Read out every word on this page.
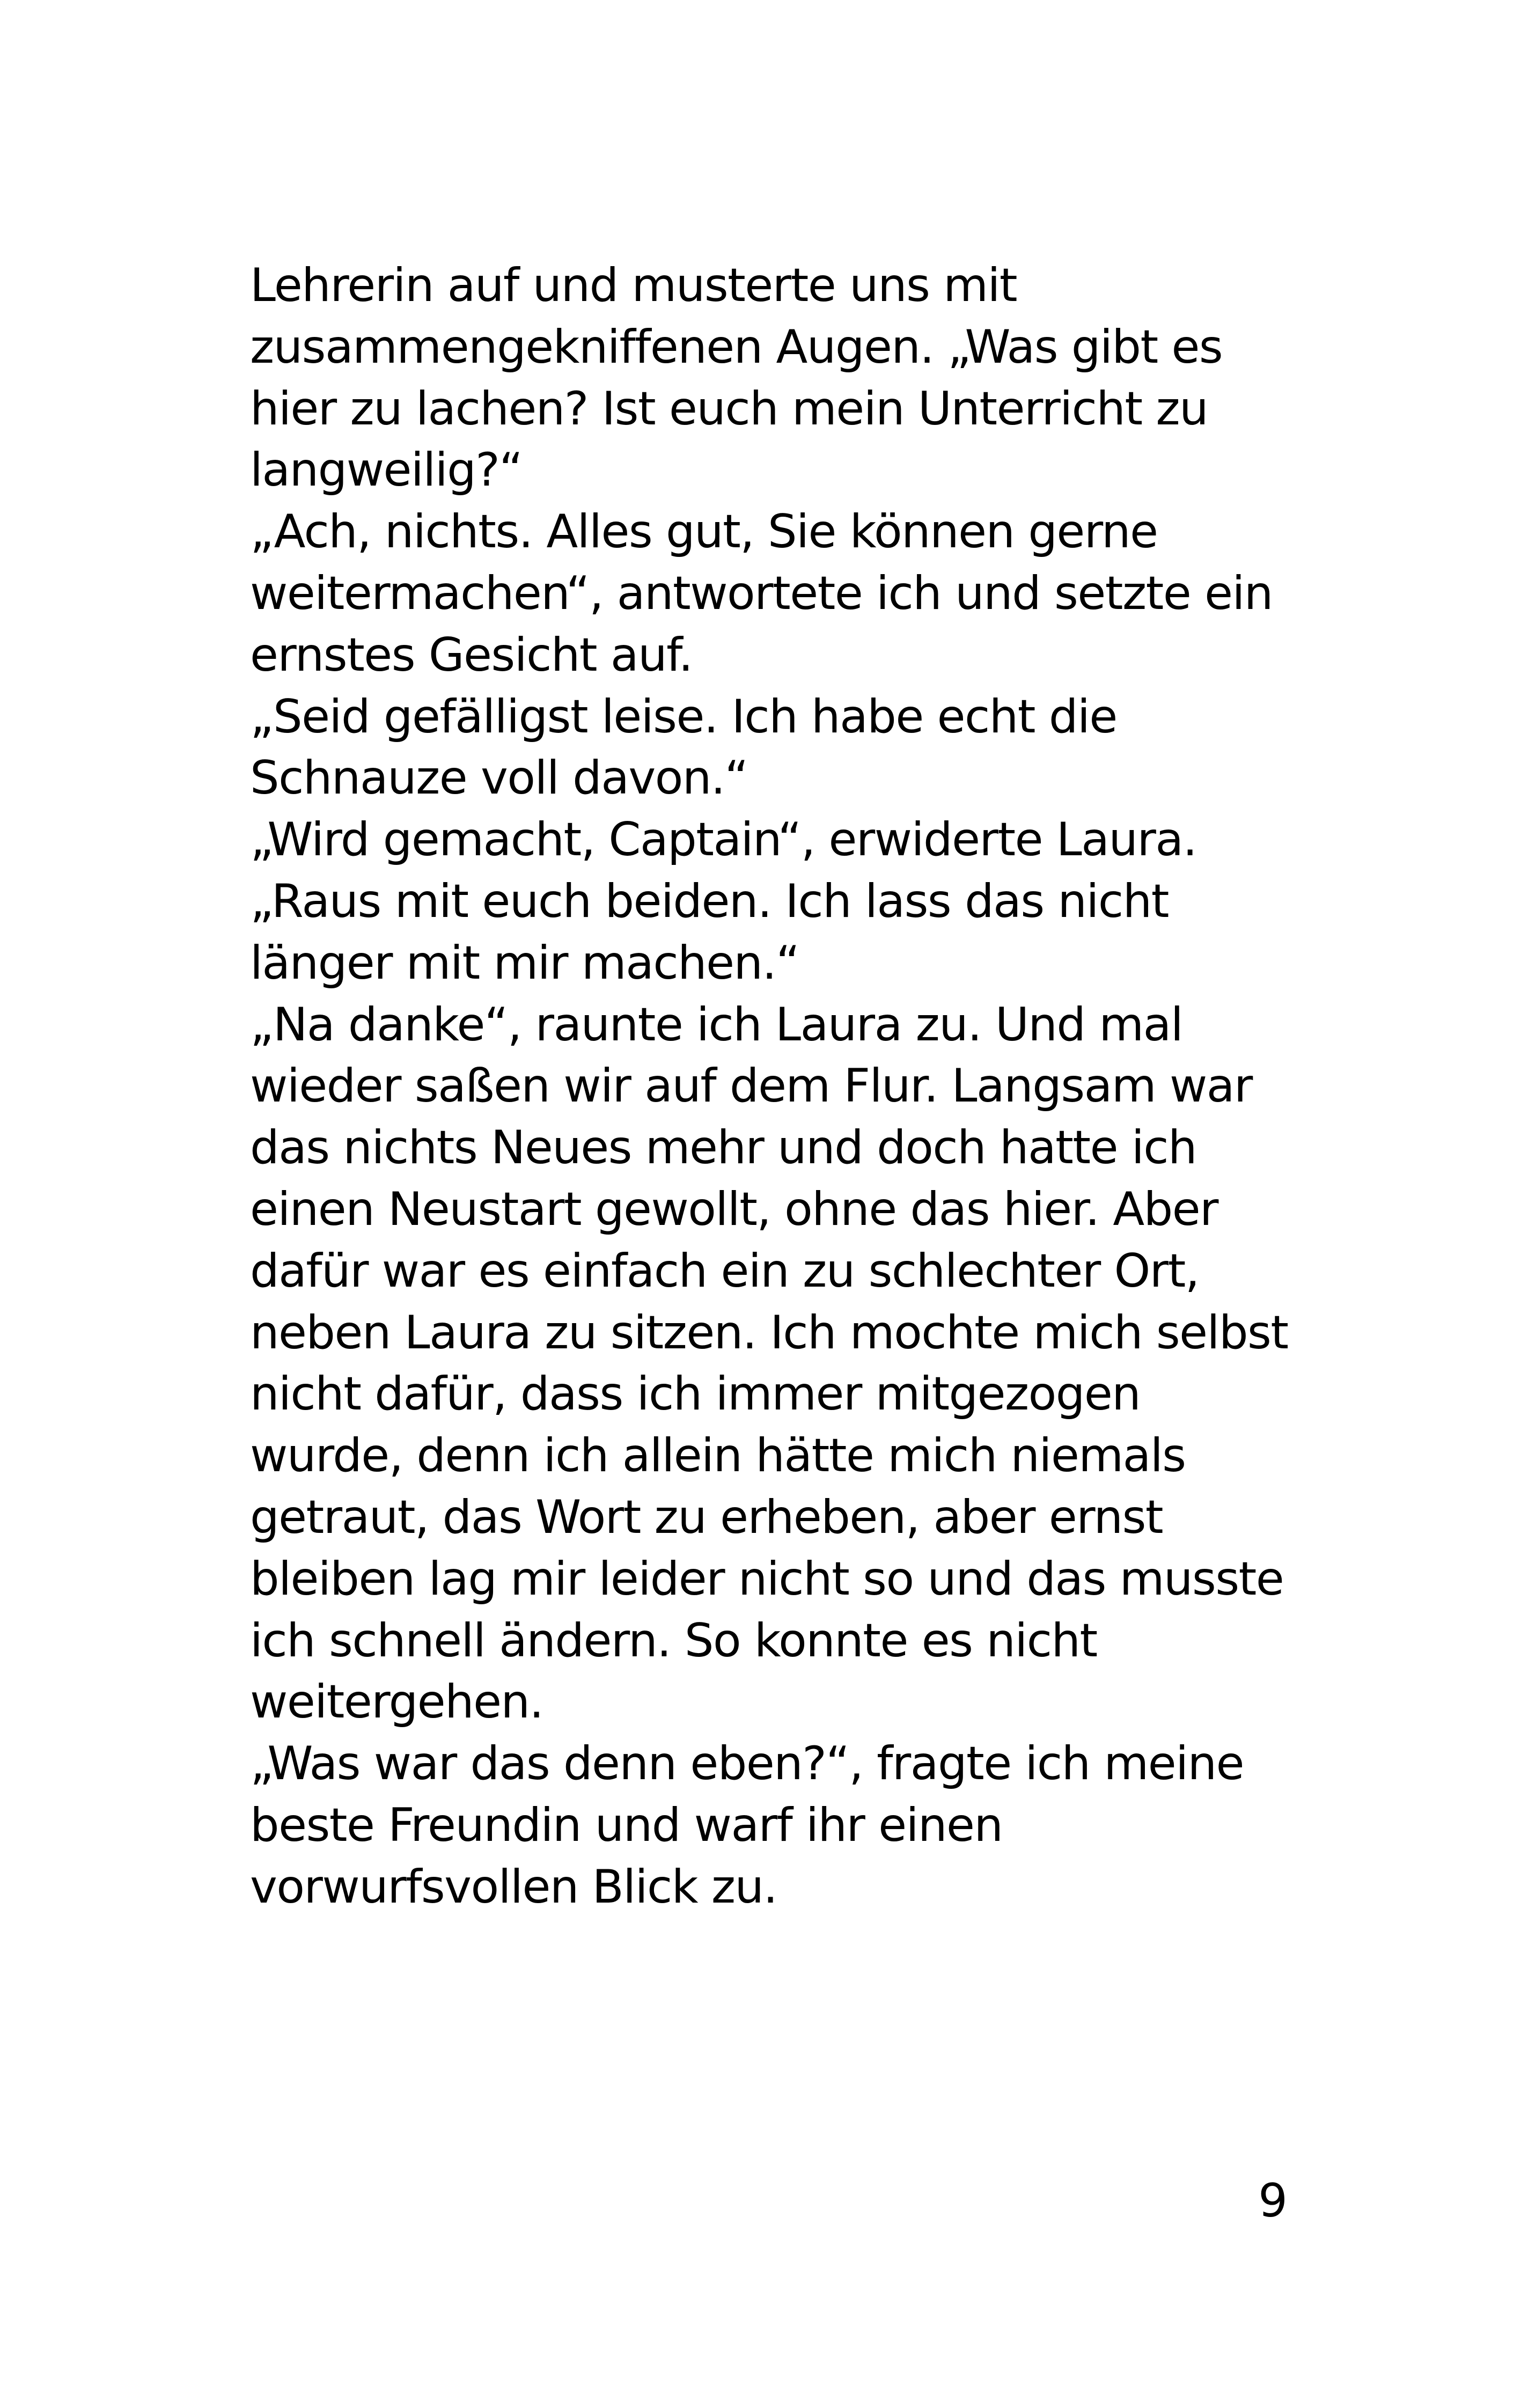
Lehrerin auf und musterte uns mit
zusammengekniffenen Augen. „Was gibt es
hier zu lachen? Ist euch mein Unterricht zu
langweilig?“
„Ach, nichts. Alles gut, Sie können gerne
weitermachen“, antwortete ich und setzte ein
ernstes Gesicht auf.
„Seid gefälligst leise. Ich habe echt die
Schnauze voll davon.“
„Wird gemacht, Captain“, erwiderte Laura.
„Raus mit euch beiden. Ich lass das nicht
länger mit mir machen.“
„Na danke“, raunte ich Laura zu. Und mal
wieder saßen wir auf dem Flur. Langsam war
das nichts Neues mehr und doch hatte ich
einen Neustart gewollt, ohne das hier. Aber
dafür war es einfach ein zu schlechter Ort,
neben Laura zu sitzen. Ich mochte mich selbst
nicht dafür, dass ich immer mitgezogen
wurde, denn ich allein hätte mich niemals
getraut, das Wort zu erheben, aber ernst
bleiben lag mir leider nicht so und das musste
ich schnell ändern. So konnte es nicht
weitergehen.
„Was war das denn eben?“, fragte ich meine
beste Freundin und warf ihr einen
vorwurfsvollen Blick zu.
9
